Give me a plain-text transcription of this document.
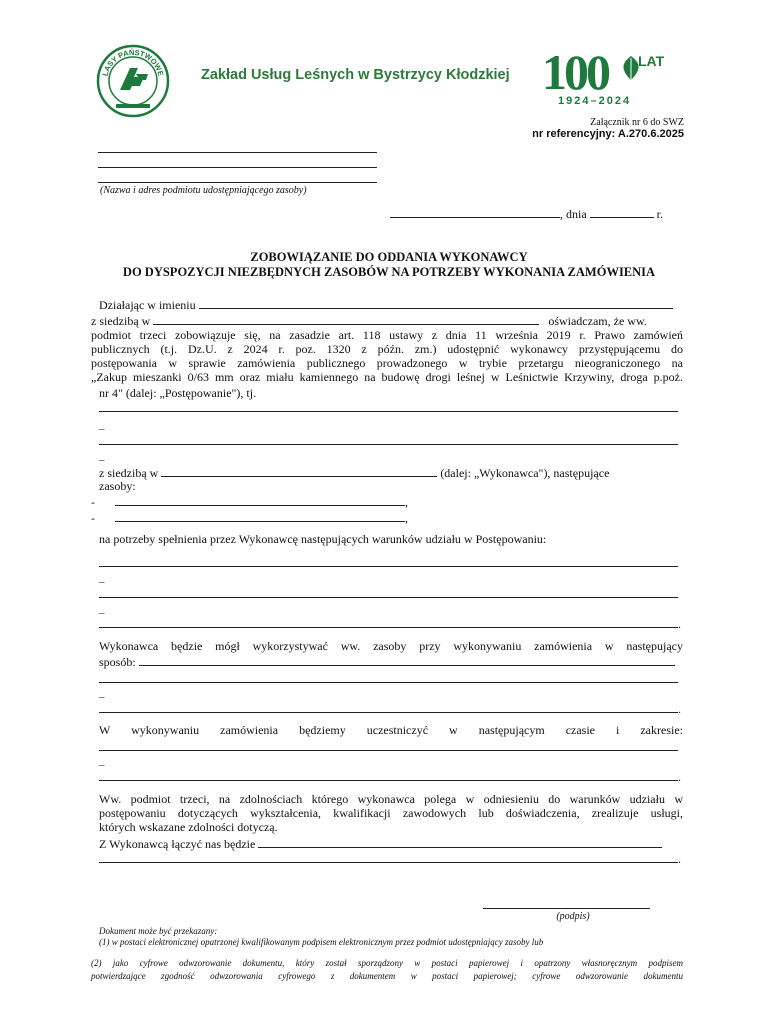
LASY PAŃSTWOWE Zakład Usług Leśnych w Bystrzycy Kłodzkiej 100 LAT
1924–2024
Załącznik nr 6 do SWZ
nr referencyjny: A.270.6.2025
(Nazwa i adres podmiotu udostępniającego zasoby)
, dnia	r.
ZOBOWIĄZANIE DO ODDANIA WYKONAWCY
DO DYSPOZYCJI NIEZBĘDNYCH ZASOBÓW NA POTRZEBY WYKONANIA ZAMÓWIENIA
Działając w imieniu
z siedzibą w	oświadczam, że ww.
podmiot trzeci zobowiązuje się, na zasadzie art. 118 ustawy z dnia 11 września 2019 r. Prawo zamówień
publicznych (t.j. Dz.U. z 2024 r. poz. 1320 z późn. zm.) udostępnić wykonawcy przystępującemu do
postępowania w sprawie zamówienia publicznego prowadzonego w trybie przetargu nieograniczonego na
„Zakup mieszanki 0/63 mm oraz miału kamiennego na budowę drogi leśnej w Leśnictwie Krzywiny, droga p.poż.
nr 4" (dalej: „Postępowanie"), tj.
–
–
z siedzibą w	(dalej: „Wykonawca"), następujące
zasoby:
-	,
-	,
na potrzeby spełnienia przez Wykonawcę następujących warunków udziału w Postępowaniu:
–
–
.
Wykonawca będzie mógł wykorzystywać ww. zasoby przy wykonywaniu zamówienia w następujący
sposób:
–
.
W wykonywaniu zamówienia będziemy uczestniczyć w następującym czasie i zakresie:
–
.
Ww. podmiot trzeci, na zdolnościach którego wykonawca polega w odniesieniu do warunków udziału w
postępowaniu dotyczących wykształcenia, kwalifikacji zawodowych lub doświadczenia, zrealizuje usługi,
których wskazane zdolności dotyczą.
Z Wykonawcą łączyć nas będzie
.
(podpis)
Dokument może być przekazany:
(1) w postaci elektronicznej opatrzonej kwalifikowanym podpisem elektronicznym przez podmiot udostępniający zasoby lub
(2) jako cyfrowe odwzorowanie dokumentu, który został sporządzony w postaci papierowej i opatrzony własnoręcznym podpisem
potwierdzające zgodność odwzorowania cyfrowego z dokumentem w postaci papierowej; cyfrowe odwzorowanie dokumentu
